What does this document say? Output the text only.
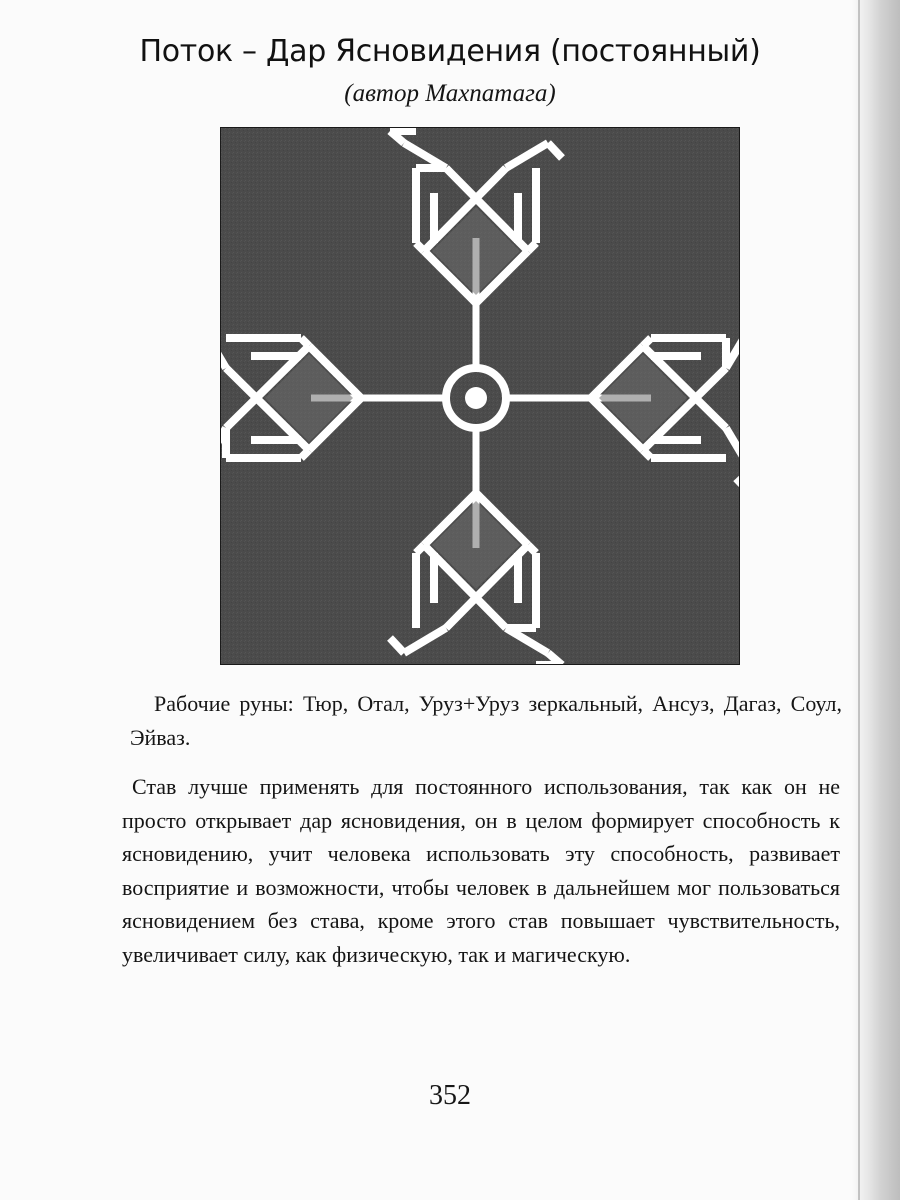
Поток – Дар Ясновидения (постоянный)
(автор Махпатага)
Рабочие руны: Тюр, Отал, Уруз+Уруз зеркальный, Ансуз, Дагаз, Соул, Эйваз.
Став лучше применять для постоянного использования, так как он не просто открывает дар ясновидения, он в целом формирует способность к ясновидению, учит человека использовать эту способность, развивает восприятие и возможности, чтобы человек в дальнейшем мог пользоваться ясновидением без става, кроме этого став повышает чувствительность, увеличивает силу, как физическую, так и магическую.
352
